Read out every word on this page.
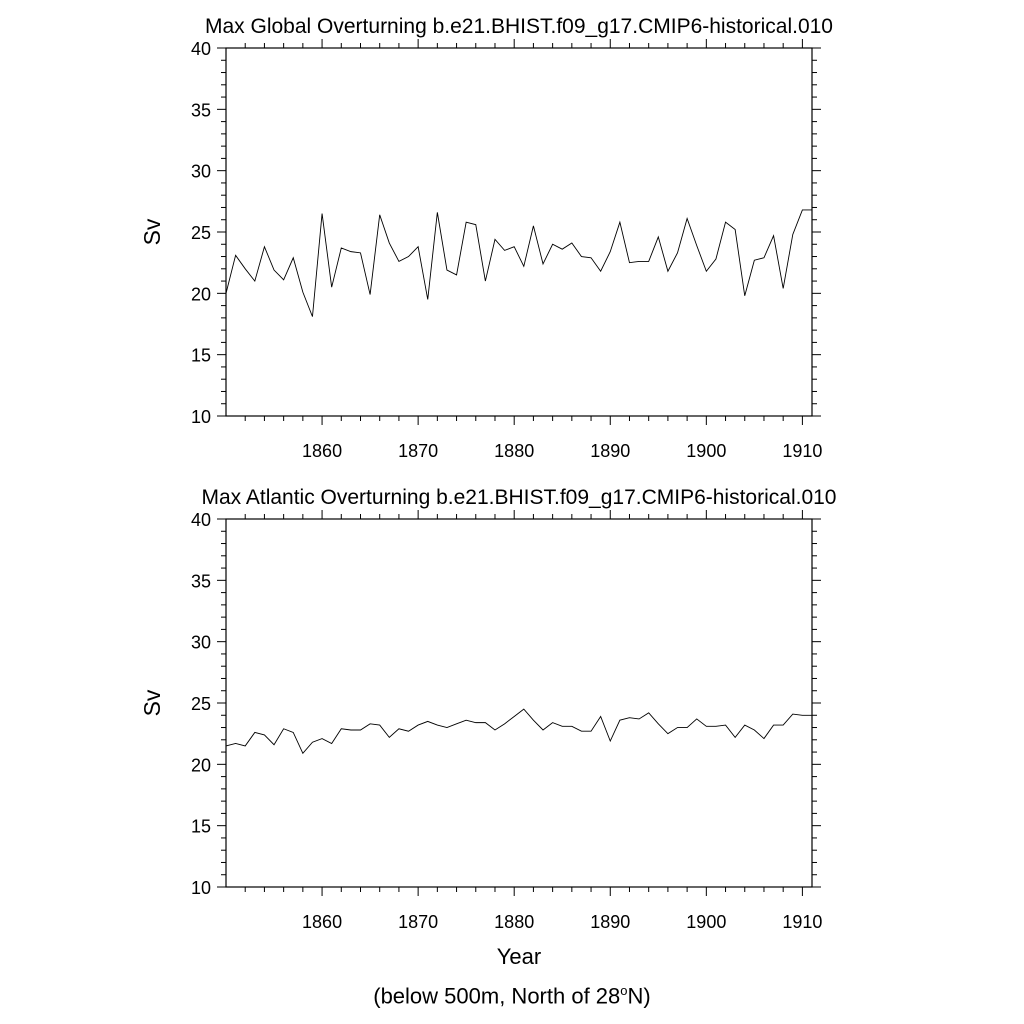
Max Global Overturning b.e21.BHIST.f09_g17.CMIP6-historical.010
Sv
10
15
20
25
30
35
40
1860	1870	1880	1890	1900	1910
Max Atlantic Overturning b.e21.BHIST.f09_g17.CMIP6-historical.010
Sv
Year
10
15
20
25
30
35
40
1860	1870	1880	1890	1900	1910
(below 500m, North of 28$^o$N)
